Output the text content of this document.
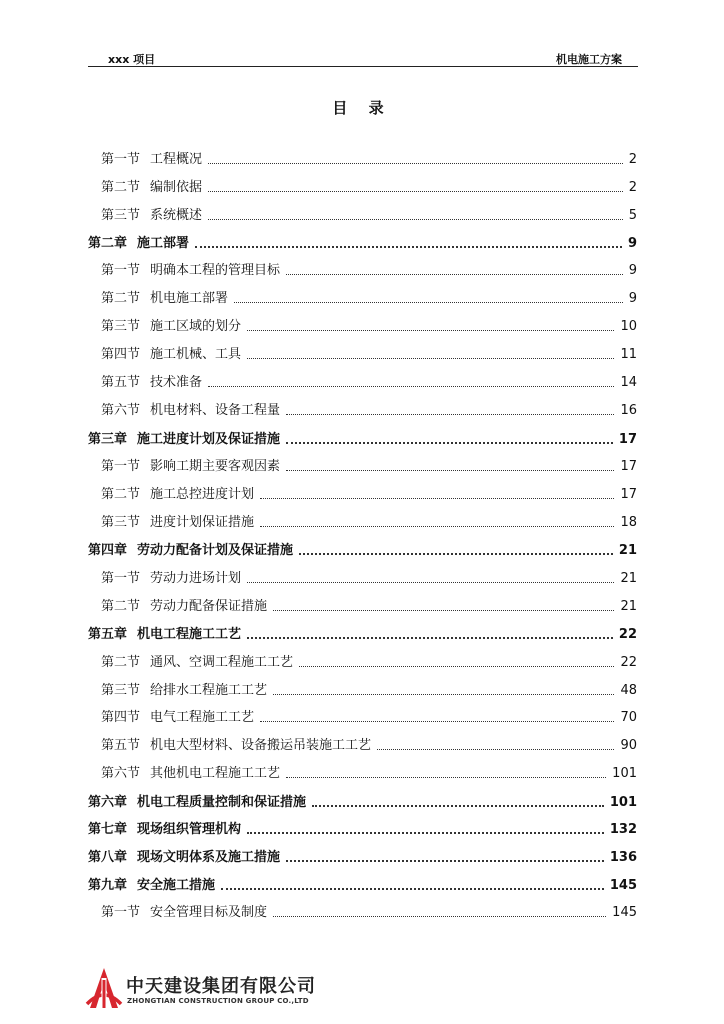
xxx 项目	机电施工方案
目 录
第一节 工程概况	2
第二节 编制依据	2
第三节 系统概述	5
第二章 施工部署	9
第一节 明确本工程的管理目标	9
第二节 机电施工部署	9
第三节 施工区域的划分	10
第四节 施工机械、工具	11
第五节 技术准备	14
第六节 机电材料、设备工程量	16
第三章 施工进度计划及保证措施	17
第一节 影响工期主要客观因素	17
第二节 施工总控进度计划	17
第三节 进度计划保证措施	18
第四章 劳动力配备计划及保证措施	21
第一节 劳动力进场计划	21
第二节 劳动力配备保证措施	21
第五章 机电工程施工工艺	22
第二节 通风、空调工程施工工艺	22
第三节 给排水工程施工工艺	48
第四节 电气工程施工工艺	70
第五节 机电大型材料、设备搬运吊装施工工艺	90
第六节 其他机电工程施工工艺	101
第六章 机电工程质量控制和保证措施	101
第七章 现场组织管理机构	132
第八章 现场文明体系及施工措施	136
第九章 安全施工措施	145
第一节 安全管理目标及制度	145
中天建设集团有限公司
ZHONGTIAN CONSTRUCTION GROUP CO.,LTD
